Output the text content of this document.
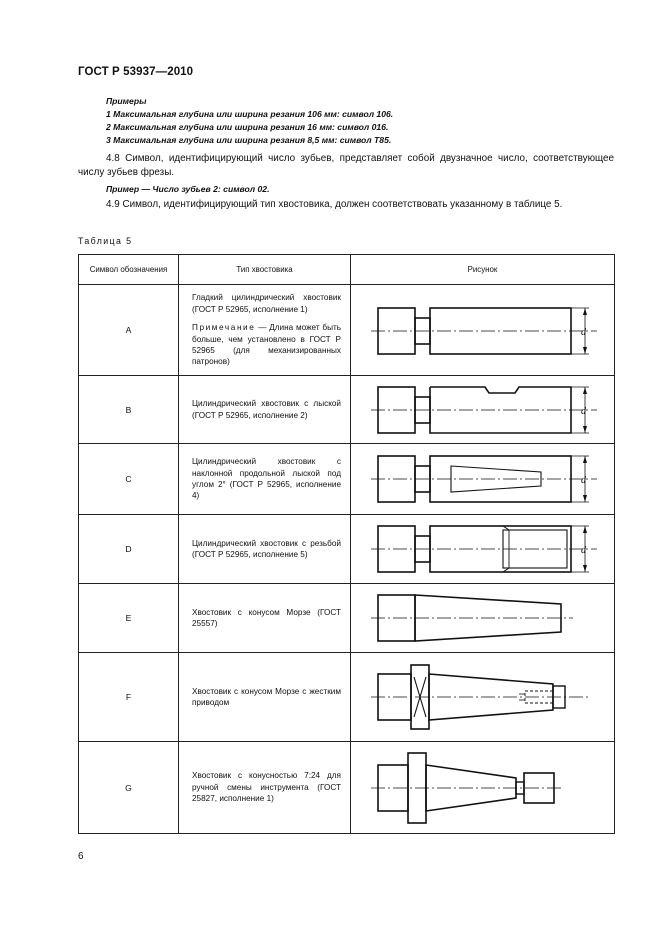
ГОСТ Р 53937—2010
Примеры
1 Максимальная глубина или ширина резания 106 мм: символ 106.
2 Максимальная глубина или ширина резания 16 мм: символ 016.
3 Максимальная глубина или ширина резания 8,5 мм: символ T85.
4.8 Символ, идентифицирующий число зубьев, представляет собой двузначное число, соответствующее числу зубьев фрезы.
Пример — Число зубьев 2: символ 02.
4.9 Символ, идентифицирующий тип хвостовика, должен соответствовать указанному в таблице 5.
Таблица 5
Символ обозначения	Тип хвостовика	Рисунок
A	Гладкий цилиндрический хвостовик (ГОСТ Р 52965, исполнение 1)

Примечание — Длина может быть больше, чем установлено в ГОСТ Р 52965 (для механизированных патронов)	d

B	Цилиндрический хвостовик с лыской (ГОСТ Р 52965, исполнение 2)	d

C	Цилиндрический хвостовик с наклонной продольной лыской под углом 2° (ГОСТ Р 52965, исполнение 4)	d

D	Цилиндрический хвостовик с резьбой (ГОСТ Р 52965, исполнение 5)	d

E	Хвостовик с конусом Морзе (ГОСТ 25557)

F	Хвостовик с конусом Морзе с жестким приводом

G	Хвостовик с конусностью 7:24 для ручной смены инструмента (ГОСТ 25827, исполнение 1)

6
